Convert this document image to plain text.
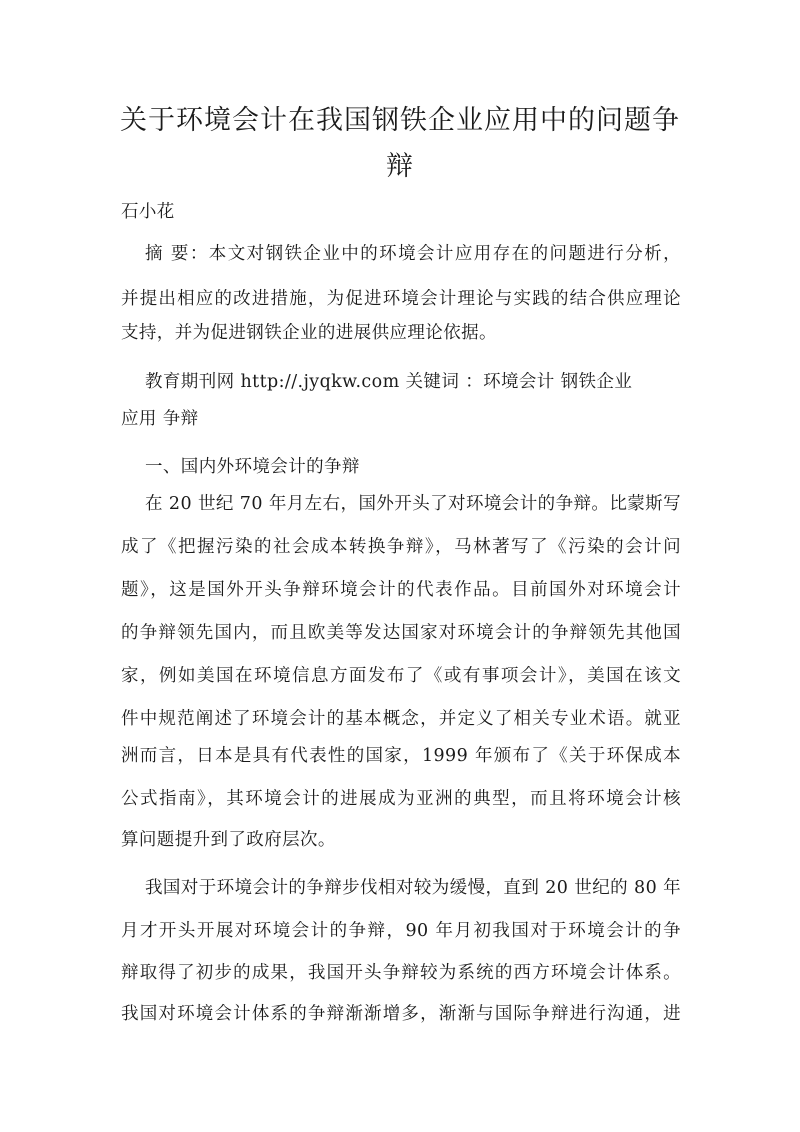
关于环境会计在我国钢铁企业应用中的问题争
辩

石小花

摘 要：本文对钢铁企业中的环境会计应用存在的问题进行分析，

并提出相应的改进措施，为促进环境会计理论与实践的结合供应理论

支持，并为促进钢铁企业的进展供应理论依据。

教育期刊网 http://.jyqkw.com 关键词 ：环境会计 钢铁企业

应用 争辩

一、国内外环境会计的争辩

在 20 世纪 70 年月左右，国外开头了对环境会计的争辩。比蒙斯写

成了《把握污染的社会成本转换争辩》，马林著写了《污染的会计问

题》，这是国外开头争辩环境会计的代表作品。目前国外对环境会计

的争辩领先国内，而且欧美等发达国家对环境会计的争辩领先其他国

家，例如美国在环境信息方面发布了《或有事项会计》，美国在该文

件中规范阐述了环境会计的基本概念，并定义了相关专业术语。就亚

洲而言，日本是具有代表性的国家，1999 年颁布了《关于环保成本

公式指南》，其环境会计的进展成为亚洲的典型，而且将环境会计核

算问题提升到了政府层次。

我国对于环境会计的争辩步伐相对较为缓慢，直到 20 世纪的 80 年

月才开头开展对环境会计的争辩，90 年月初我国对于环境会计的争

辩取得了初步的成果，我国开头争辩较为系统的西方环境会计体系。

我国对环境会计体系的争辩渐渐增多，渐渐与国际争辩进行沟通，进
